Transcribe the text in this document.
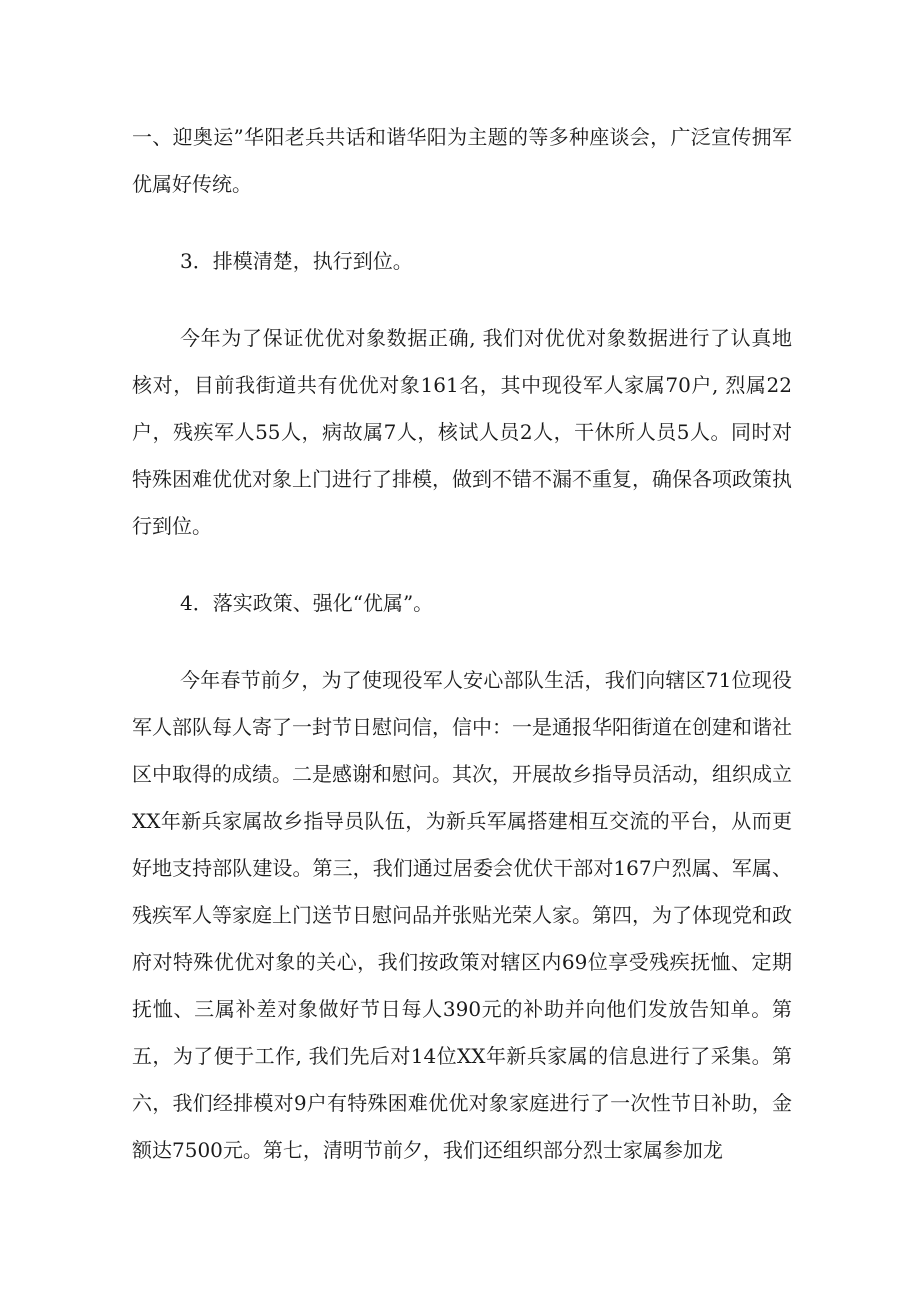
一、迎奥运”华阳老兵共话和谐华阳为主题的等多种座谈会，广泛宣传拥军优属好传统。

3．排模清楚，执行到位。

今年为了保证优优对象数据正确, 我们对优优对象数据进行了认真地核对，目前我街道共有优优对象161名，其中现役军人家属70户, 烈属22户，残疾军人55人，病故属7人，核试人员2人，干休所人员5人。同时对特殊困难优优对象上门进行了排模，做到不错不漏不重复，确保各项政策执行到位。

4．落实政策、强化“优属”。

今年春节前夕，为了使现役军人安心部队生活，我们向辖区71位现役军人部队每人寄了一封节日慰问信，信中：一是通报华阳街道在创建和谐社区中取得的成绩。二是感谢和慰问。其次，开展故乡指导员活动，组织成立XX年新兵家属故乡指导员队伍，为新兵军属搭建相互交流的平台，从而更好地支持部队建设。第三，我们通过居委会优伏干部对167户烈属、军属、残疾军人等家庭上门送节日慰问品并张贴光荣人家。第四，为了体现党和政府对特殊优优对象的关心，我们按政策对辖区内69位享受残疾抚恤、定期抚恤、三属补差对象做好节日每人390元的补助并向他们发放告知单。第五，为了便于工作, 我们先后对14位XX年新兵家属的信息进行了采集。第六，我们经排模对9户有特殊困难优优对象家庭进行了一次性节日补助，金额达7500元。第七，清明节前夕，我们还组织部分烈士家属参加龙
